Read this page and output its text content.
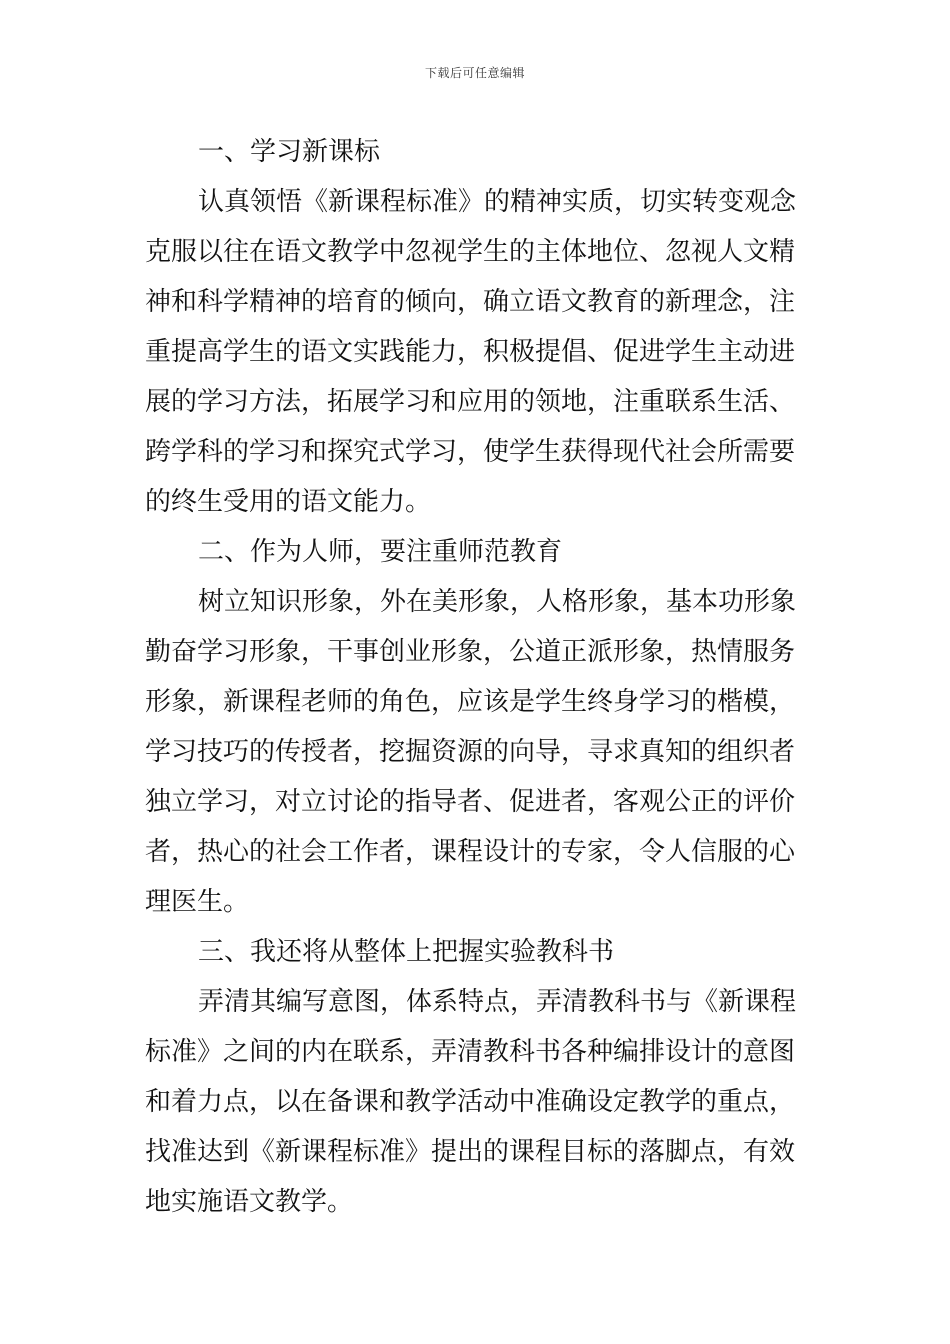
下载后可任意编辑
一、学习新课标
认真领悟《新课程标准》的精神实质，切实转变观念
克服以往在语文教学中忽视学生的主体地位、忽视人文精
神和科学精神的培育的倾向，确立语文教育的新理念，注
重提高学生的语文实践能力，积极提倡、促进学生主动进
展的学习方法，拓展学习和应用的领地，注重联系生活、
跨学科的学习和探究式学习，使学生获得现代社会所需要
的终生受用的语文能力。
二、作为人师，要注重师范教育
树立知识形象，外在美形象，人格形象，基本功形象
勤奋学习形象，干事创业形象，公道正派形象，热情服务
形象，新课程老师的角色，应该是学生终身学习的楷模，
学习技巧的传授者，挖掘资源的向导，寻求真知的组织者
独立学习，对立讨论的指导者、促进者，客观公正的评价
者，热心的社会工作者，课程设计的专家，令人信服的心
理医生。
三、我还将从整体上把握实验教科书
弄清其编写意图，体系特点，弄清教科书与《新课程
标准》之间的内在联系，弄清教科书各种编排设计的意图
和着力点，以在备课和教学活动中准确设定教学的重点，
找准达到《新课程标准》提出的课程目标的落脚点，有效
地实施语文教学。
